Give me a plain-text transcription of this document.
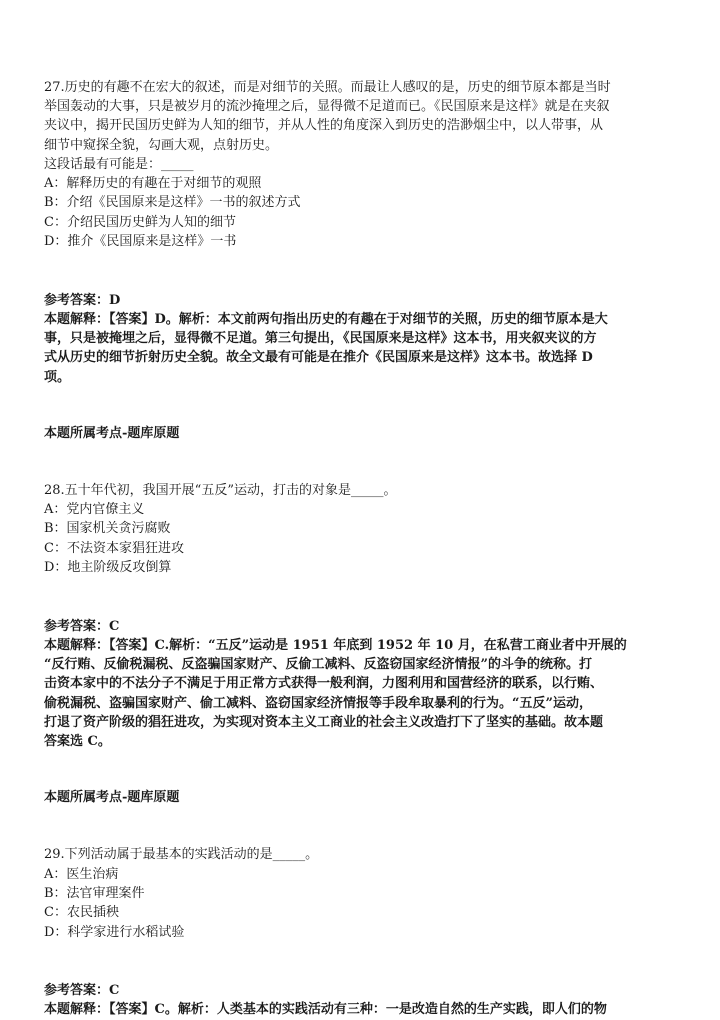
27.历史的有趣不在宏大的叙述，而是对细节的关照。而最让人感叹的是，历史的细节原本都是当时

举国轰动的大事，只是被岁月的流沙掩埋之后，显得微不足道而已。《民国原来是这样》就是在夹叙

夹议中，揭开民国历史鲜为人知的细节，并从人性的角度深入到历史的浩渺烟尘中，以人带事，从

细节中窥探全貌，勾画大观，点射历史。

这段话最有可能是：_____

A：解释历史的有趣在于对细节的观照

B：介绍《民国原来是这样》一书的叙述方式

C：介绍民国历史鲜为人知的细节

D：推介《民国原来是这样》一书

参考答案：D

本题解释：【答案】D。解析：本文前两句指出历史的有趣在于对细节的关照，历史的细节原本是大

事，只是被掩埋之后，显得微不足道。第三句提出，《民国原来是这样》这本书，用夹叙夹议的方

式从历史的细节折射历史全貌。故全文最有可能是在推介《民国原来是这样》这本书。故选择 D

项。

本题所属考点-题库原题

28.五十年代初，我国开展“五反”运动，打击的对象是_____。

A：党内官僚主义

B：国家机关贪污腐败

C：不法资本家猖狂进攻

D：地主阶级反攻倒算

参考答案：C

本题解释：【答案】C.解析：“五反”运动是 1951 年底到 1952 年 10 月，在私营工商业者中开展的

“反行贿、反偷税漏税、反盗骗国家财产、反偷工减料、反盗窃国家经济情报”的斗争的统称。打

击资本家中的不法分子不满足于用正常方式获得一般利润，力图利用和国营经济的联系，以行贿、

偷税漏税、盗骗国家财产、偷工减料、盗窃国家经济情报等手段牟取暴利的行为。“五反”运动，

打退了资产阶级的猖狂进攻，为实现对资本主义工商业的社会主义改造打下了坚实的基础。故本题

答案选 C。

本题所属考点-题库原题

29.下列活动属于最基本的实践活动的是_____。

A：医生治病

B：法官审理案件

C：农民插秧

D：科学家进行水稻试验

参考答案：C

本题解释：【答案】C。解析：人类基本的实践活动有三种：一是改造自然的生产实践，即人们的物
